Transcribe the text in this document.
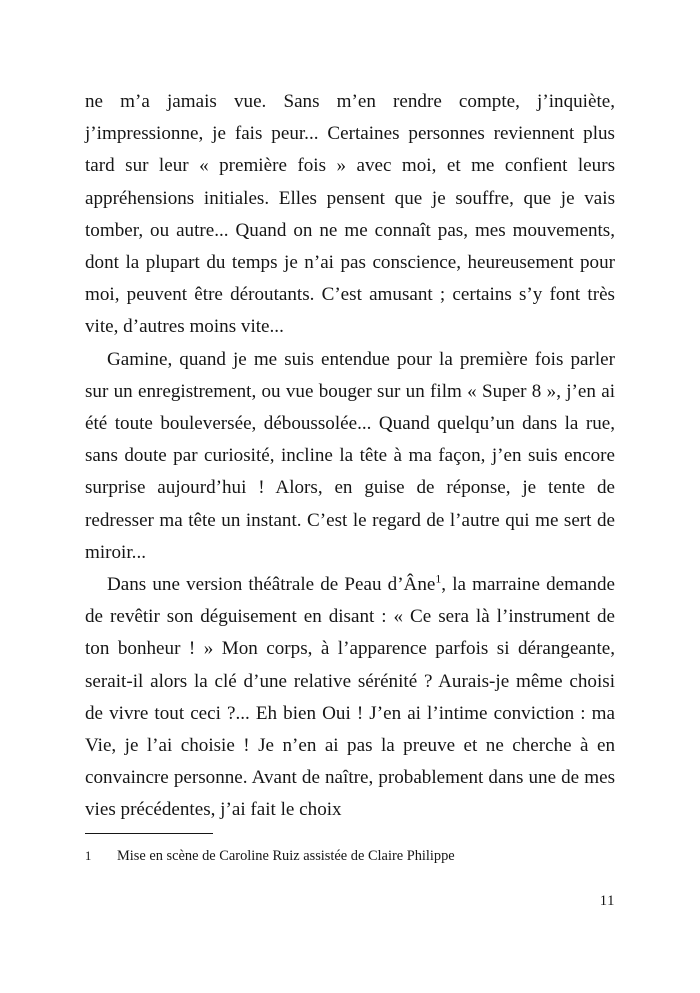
ne m’a jamais vue. Sans m’en rendre compte, j’inquiète, j’impressionne, je fais peur... Certaines personnes reviennent plus tard sur leur « première fois » avec moi, et me confient leurs appréhensions initiales. Elles pensent que je souffre, que je vais tomber, ou autre... Quand on ne me connaît pas, mes mouvements, dont la plupart du temps je n’ai pas conscience, heureusement pour moi, peuvent être déroutants. C’est amusant ; certains s’y font très vite, d’autres moins vite...

Gamine, quand je me suis entendue pour la première fois parler sur un enregistrement, ou vue bouger sur un film « Super 8 », j’en ai été toute bouleversée, déboussolée... Quand quelqu’un dans la rue, sans doute par curiosité, incline la tête à ma façon, j’en suis encore surprise aujourd’hui ! Alors, en guise de réponse, je tente de redresser ma tête un instant. C’est le regard de l’autre qui me sert de miroir...

Dans une version théâtrale de Peau d’Âne$^1$, la marraine demande de revêtir son déguisement en disant : « Ce sera là l’instrument de ton bonheur ! » Mon corps, à l’apparence parfois si dérangeante, serait-il alors la clé d’une relative sérénité ? Aurais-je même choisi de vivre tout ceci ?... Eh bien Oui ! J’en ai l’intime conviction : ma Vie, je l’ai choisie ! Je n’en ai pas la preuve et ne cherche à en convaincre personne. Avant de naître, probablement dans une de mes vies précédentes, j’ai fait le choix

1	Mise en scène de Caroline Ruiz assistée de Claire Philippe

11
